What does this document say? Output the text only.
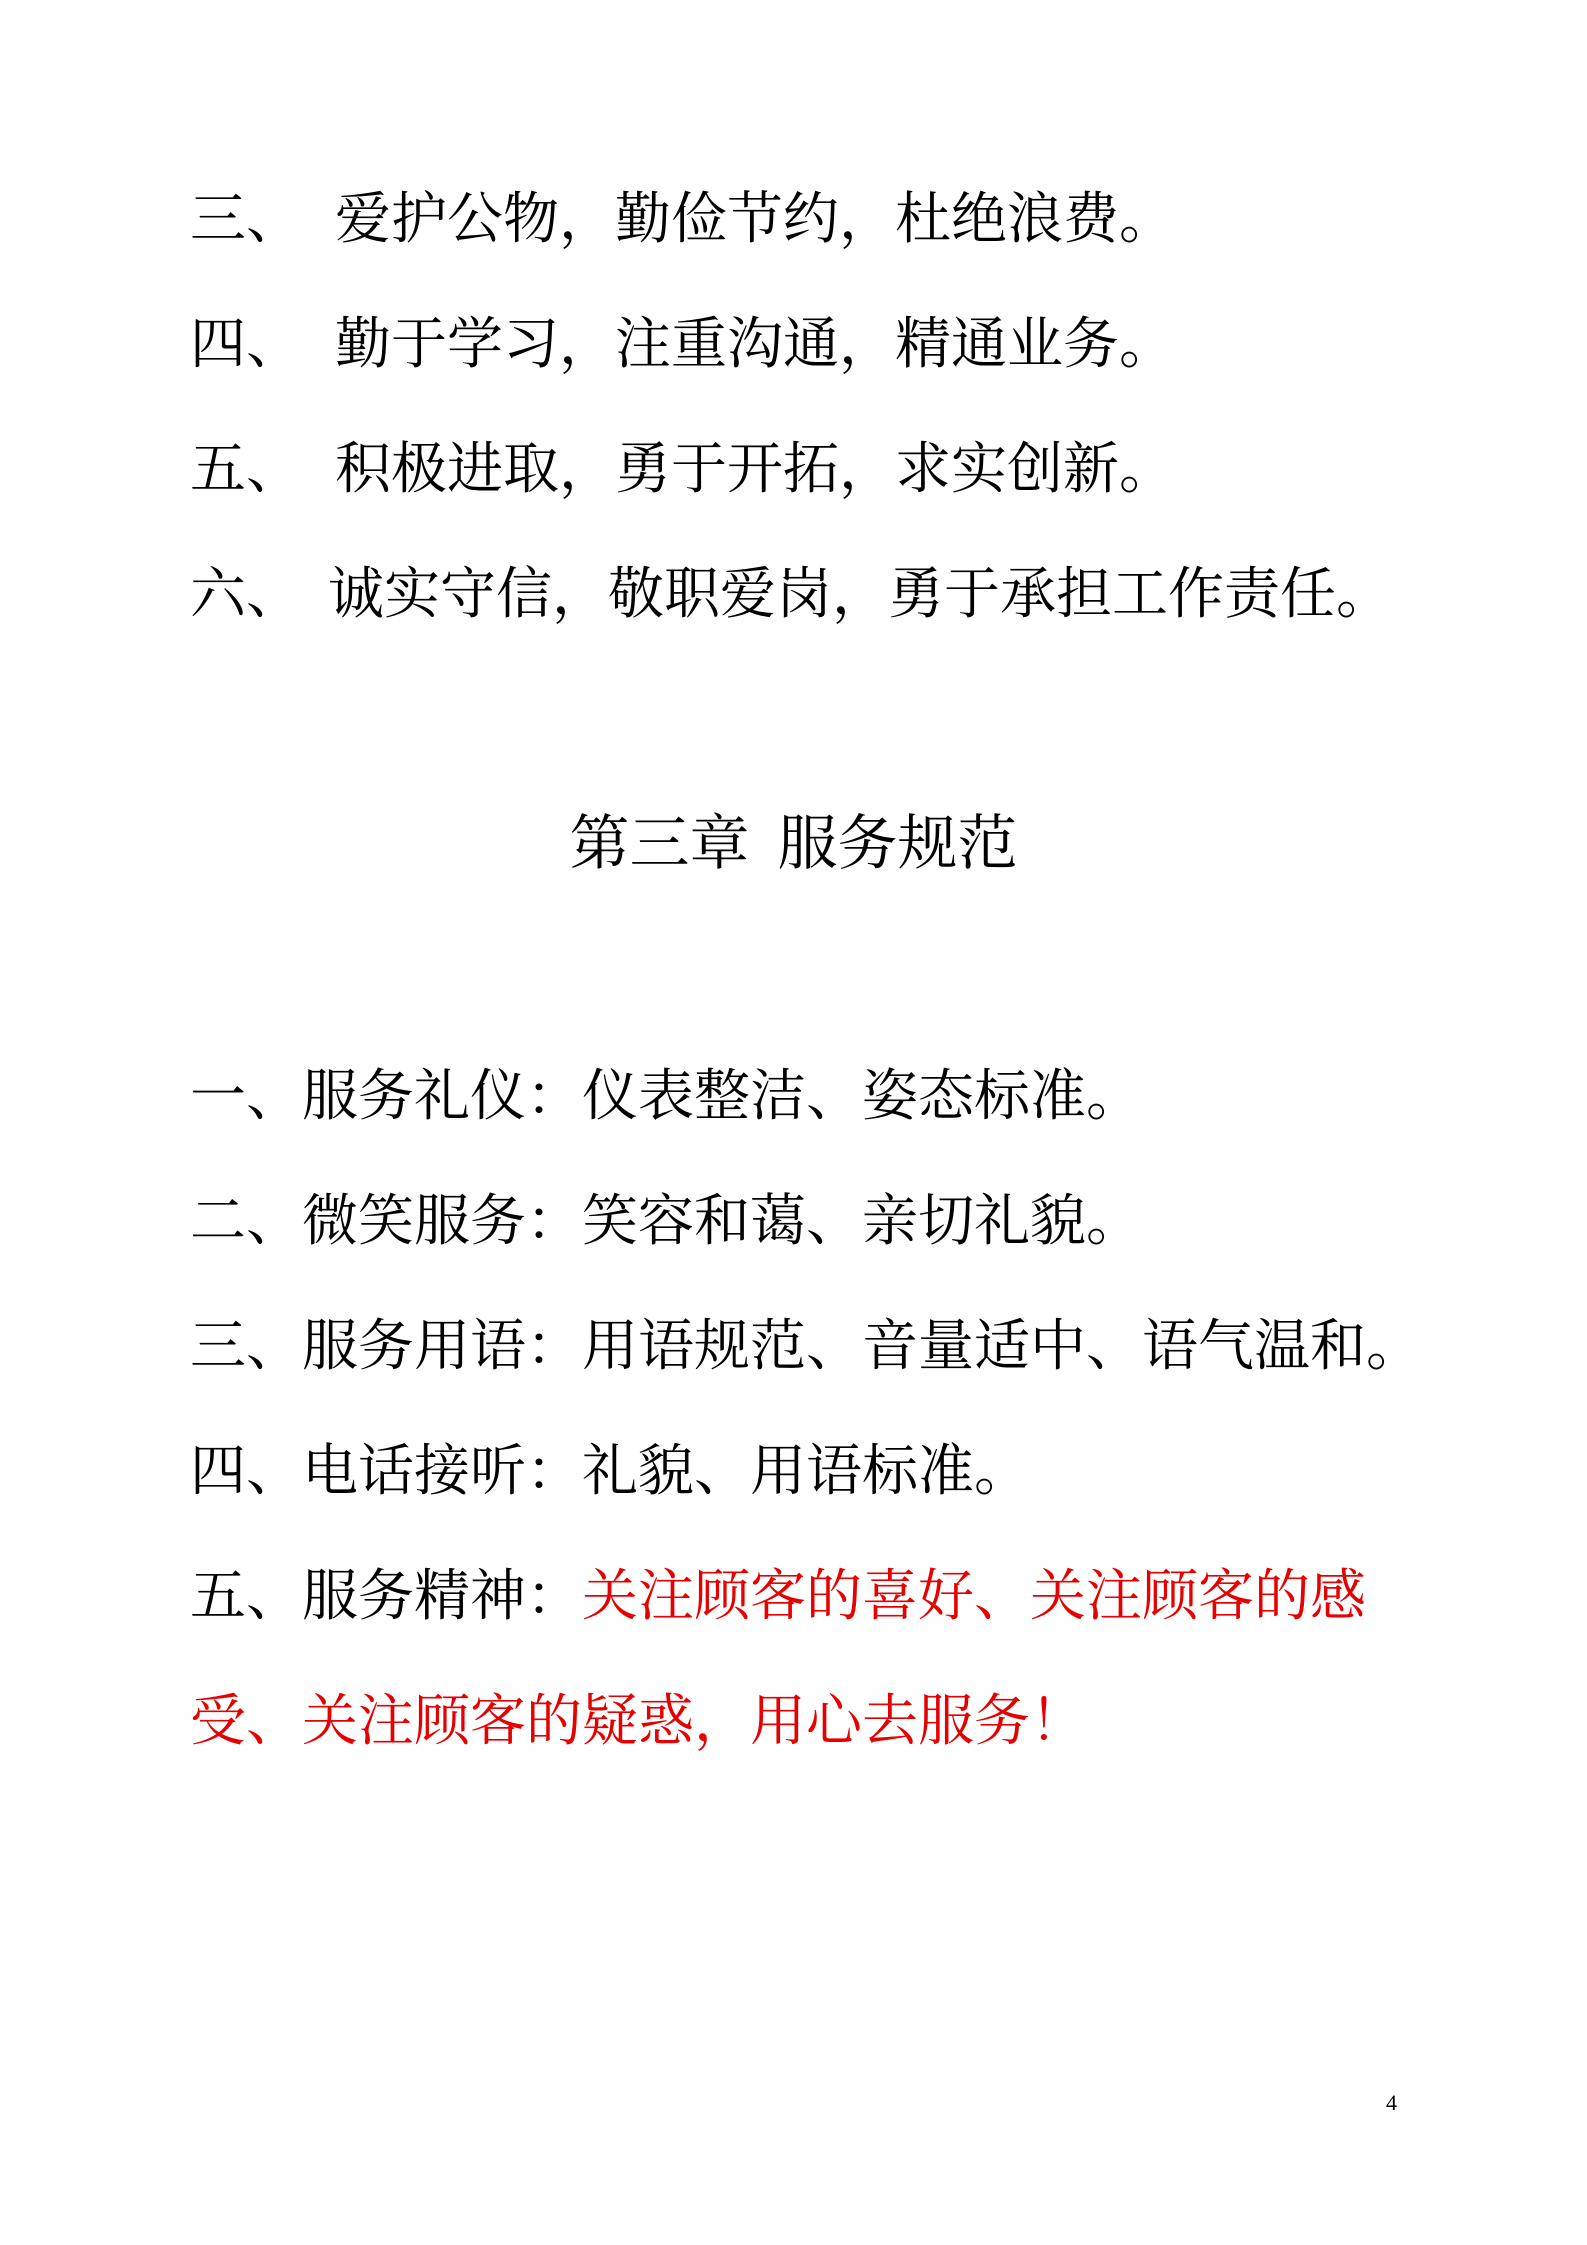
三、 爱护公物，勤俭节约，杜绝浪费。
四、 勤于学习，注重沟通，精通业务。
五、 积极进取，勇于开拓，求实创新。
六、 诚实守信，敬职爱岗，勇于承担工作责任。
第三章 服务规范
一、服务礼仪：仪表整洁、姿态标准。
二、微笑服务：笑容和蔼、亲切礼貌。
三、服务用语：用语规范、音量适中、语气温和。
四、电话接听：礼貌、用语标准。
五、服务精神：关注顾客的喜好、关注顾客的感
受、关注顾客的疑惑，用心去服务！
4
